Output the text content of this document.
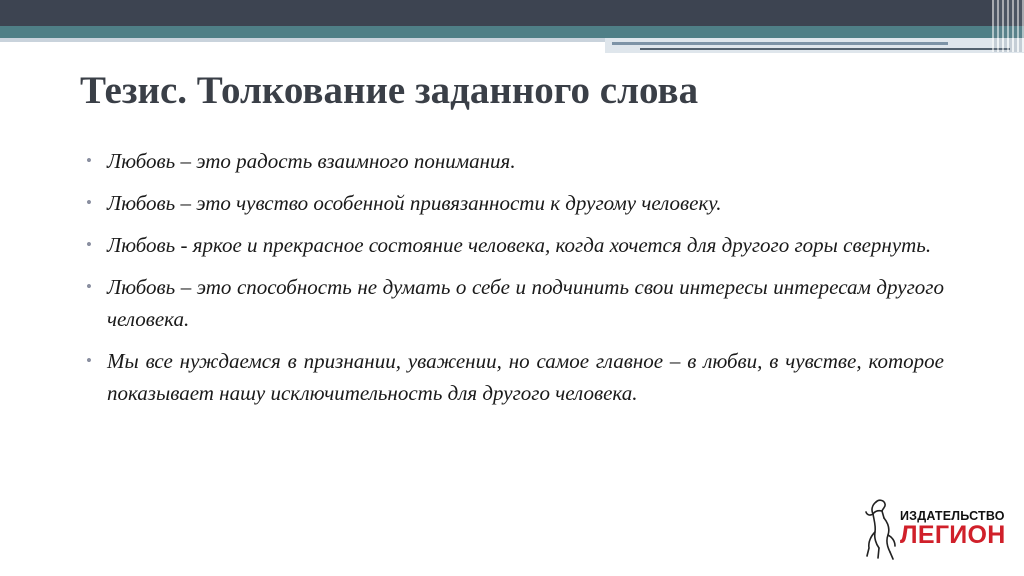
Тезис. Толкование заданного слова
• Любовь – это радость взаимного понимания.
• Любовь – это чувство особенной привязанности к другому человеку.
• Любовь - яркое и прекрасное состояние человека, когда хочется для другого горы свернуть.
• Любовь – это способность не думать о себе и подчинить свои интересы интересам другого человека.
• Мы все нуждаемся в признании, уважении, но самое главное – в любви, в чувстве, которое показывает нашу исключительность для другого человека.
ИЗДАТЕЛЬСТВО
ЛЕГИОН
